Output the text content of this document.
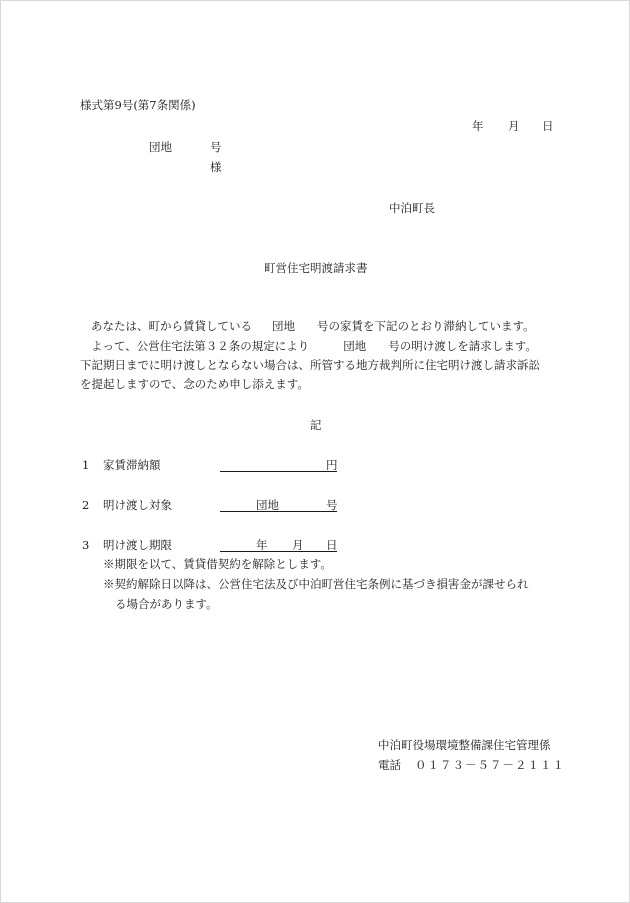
様式第9号(第7条関係)
年 月 日
団地	号
様
中泊町長
町営住宅明渡請求書
あなたは、町から賃貸している 団地 号の家賃を下記のとおり滞納しています。
よって、公営住宅法第３２条の規定により	団地 号の明け渡しを請求します。
下記期日までに明け渡しとならない場合は、所管する地方裁判所に住宅明け渡し請求訴訟
を提起しますので、念のため申し添えます。
記
1 家賃滞納額	円
2 明け渡し対象	団地	号
3 明け渡し期限	年 月 日
※期限を以て、賃貸借契約を解除とします。
※契約解除日以降は、公営住宅法及び中泊町営住宅条例に基づき損害金が課せられ
る場合があります。
中泊町役場環境整備課住宅管理係
電話 ０１７３－５７－２１１１
